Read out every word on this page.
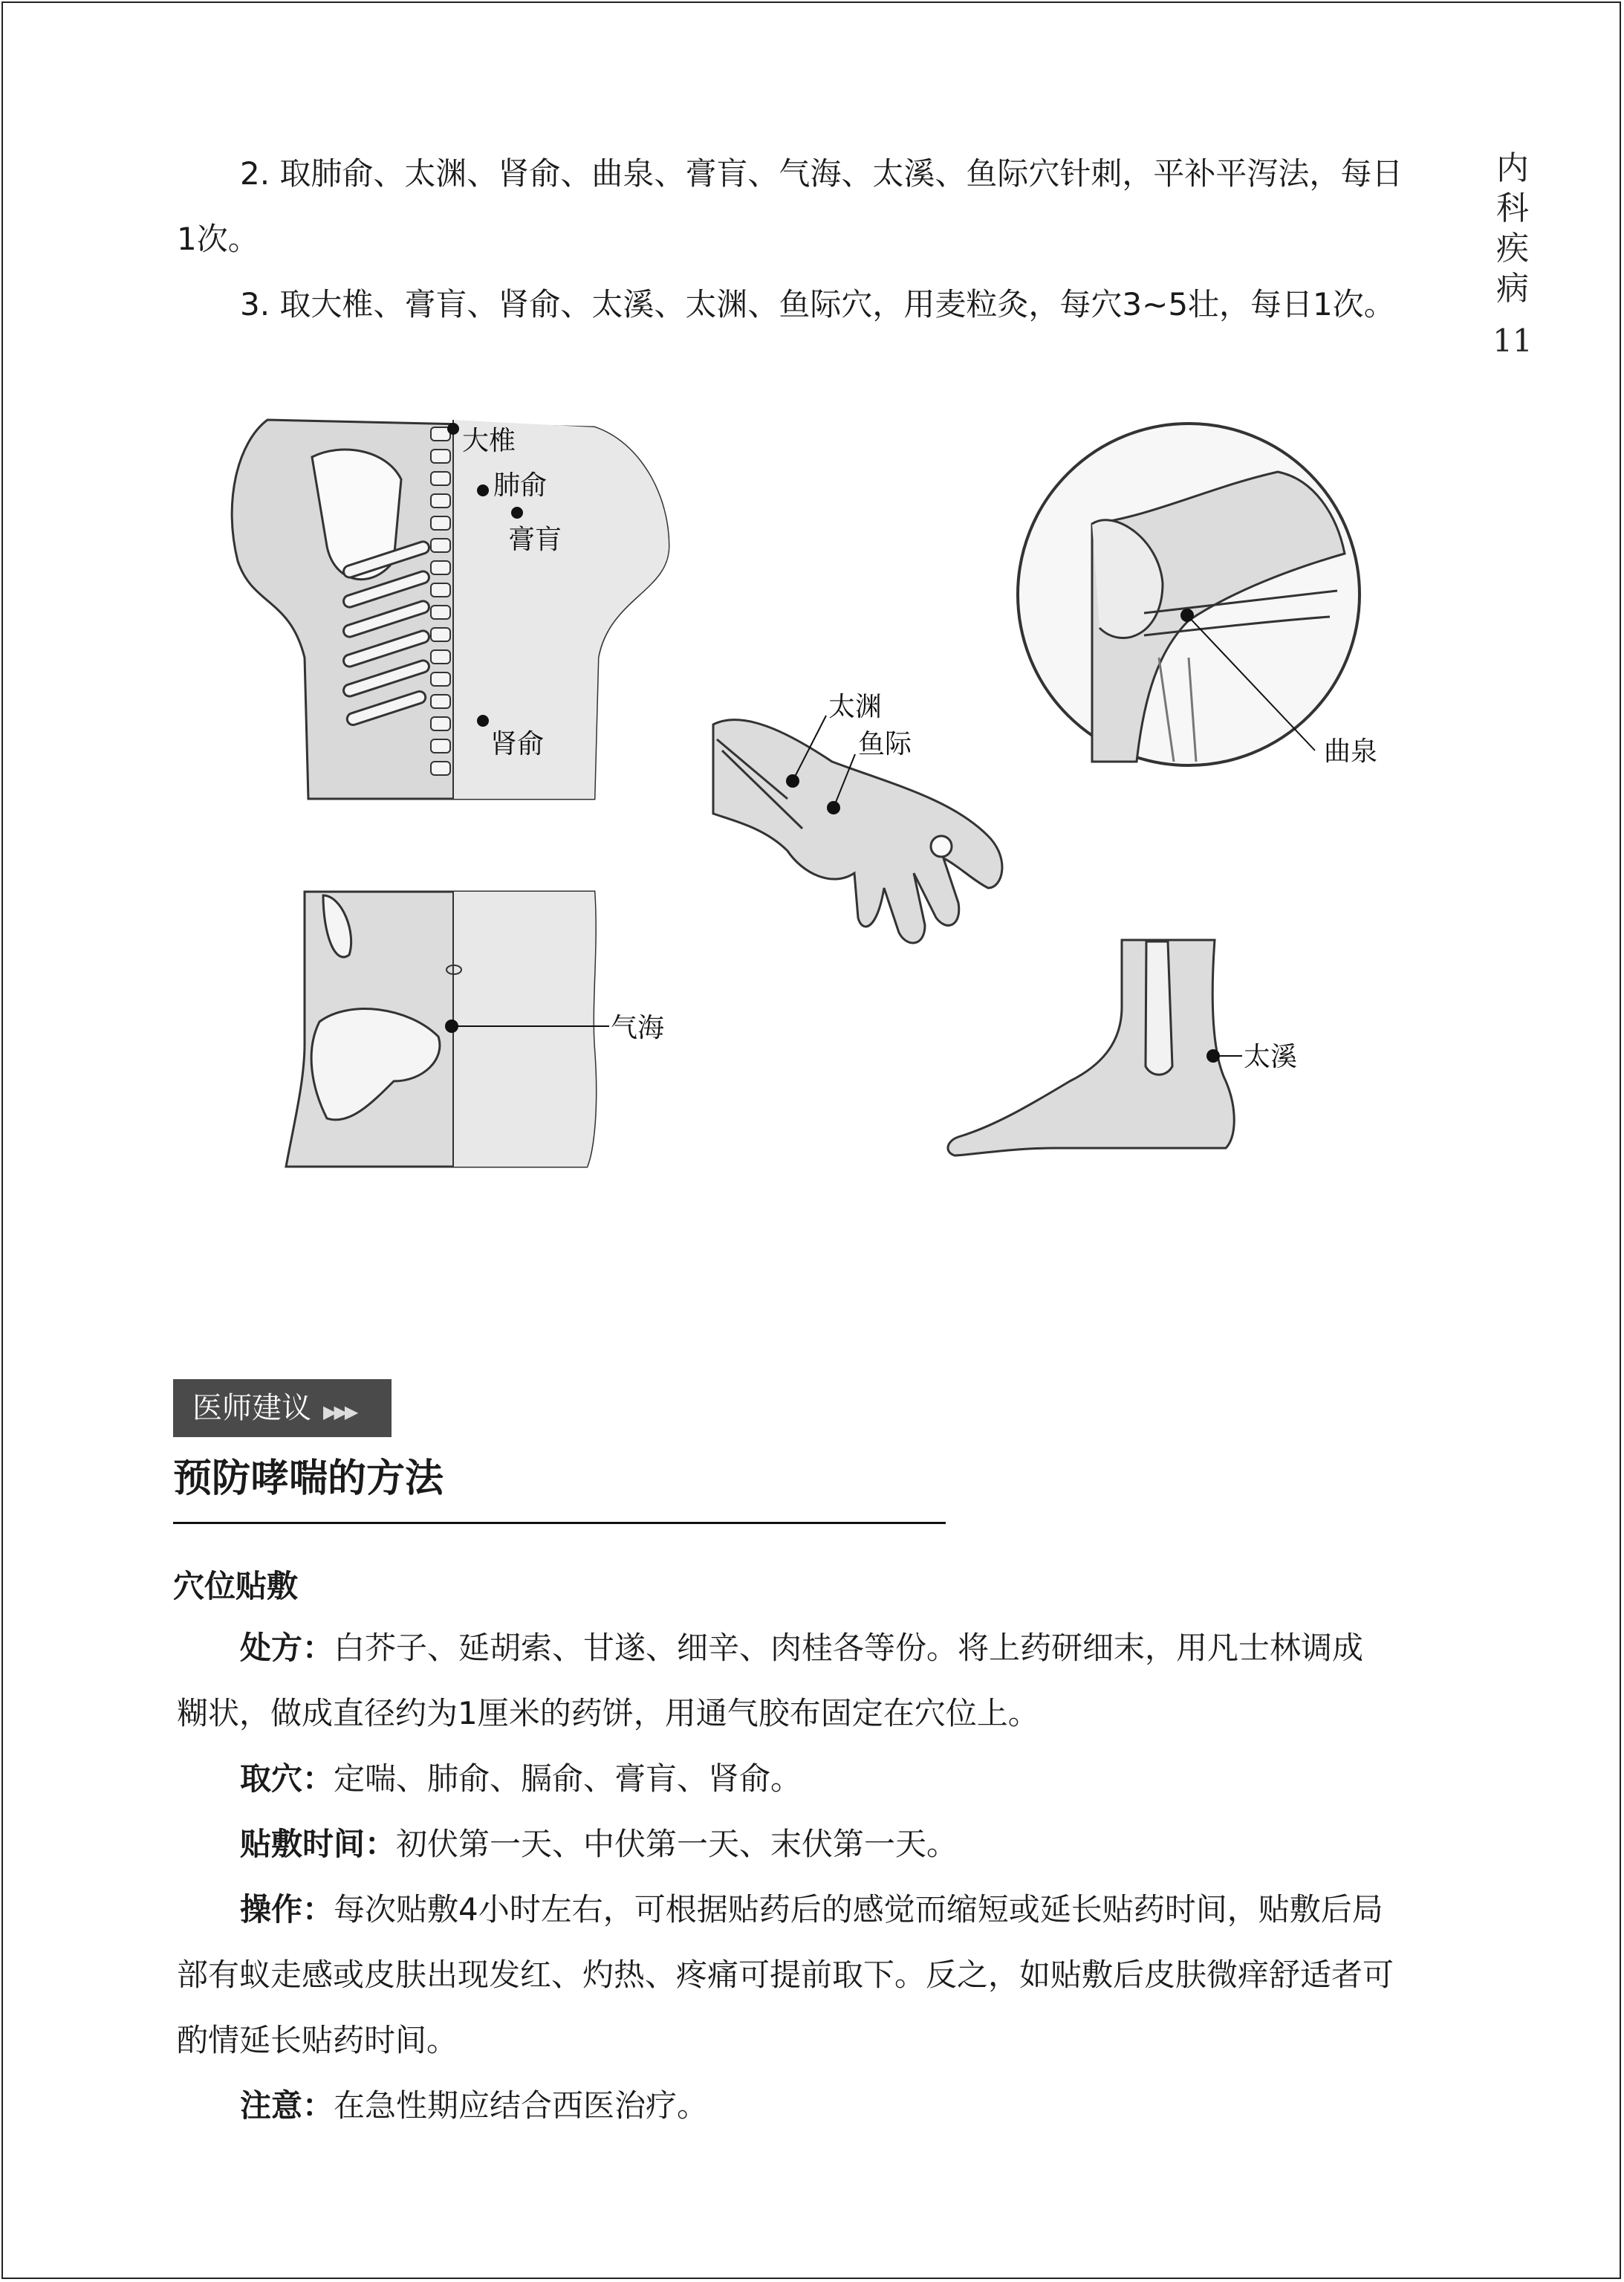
内
科
疾
病
11

2. 取肺俞、太渊、肾俞、曲泉、膏肓、气海、太溪、鱼际穴针刺，平补平泻法，每日

1次。

3. 取大椎、膏肓、肾俞、太溪、太渊、鱼际穴，用麦粒灸，每穴3~5壮，每日1次。

大椎
肺俞
膏肓
肾俞
气海
太渊
鱼际	曲泉
太溪
医师建议 ▶▶▶
预防哮喘的方法
穴位贴敷

处方：白芥子、延胡索、甘遂、细辛、肉桂各等份。将上药研细末，用凡士林调成

糊状，做成直径约为1厘米的药饼，用通气胶布固定在穴位上。

取穴：定喘、肺俞、膈俞、膏肓、肾俞。

贴敷时间：初伏第一天、中伏第一天、末伏第一天。

操作：每次贴敷4小时左右，可根据贴药后的感觉而缩短或延长贴药时间，贴敷后局

部有蚁走感或皮肤出现发红、灼热、疼痛可提前取下。反之，如贴敷后皮肤微痒舒适者可

酌情延长贴药时间。

注意：在急性期应结合西医治疗。
